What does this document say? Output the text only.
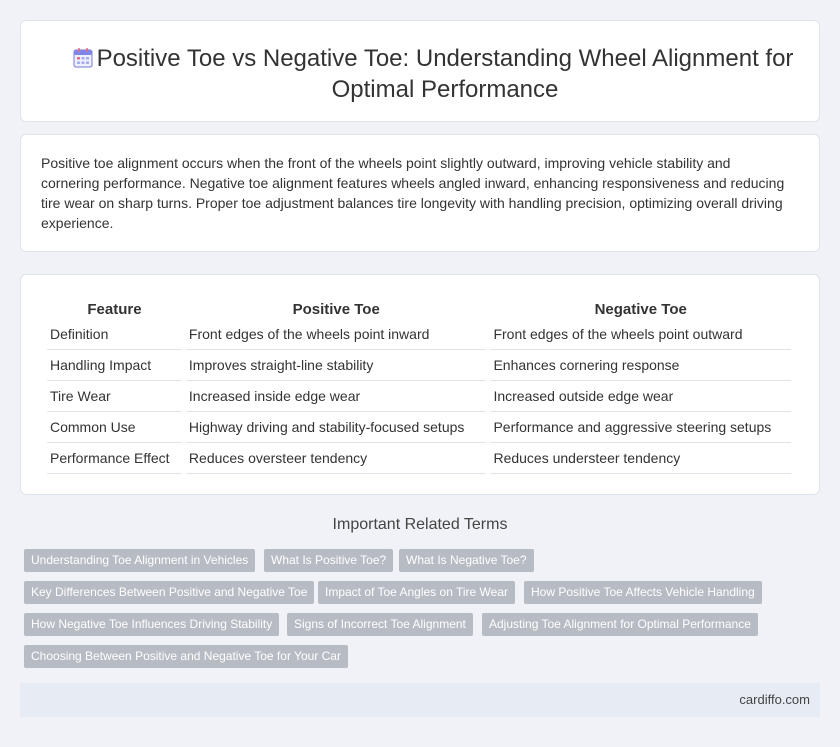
Positive Toe vs Negative Toe: Understanding Wheel Alignment for Optimal Performance

Positive toe alignment occurs when the front of the wheels point slightly outward, improving vehicle stability and cornering performance. Negative toe alignment features wheels angled inward, enhancing responsiveness and reducing tire wear on sharp turns. Proper toe adjustment balances tire longevity with handling precision, optimizing overall driving experience.

Feature	Positive Toe	Negative Toe
Definition	Front edges of the wheels point inward	Front edges of the wheels point outward
Handling Impact	Improves straight-line stability	Enhances cornering response
Tire Wear	Increased inside edge wear	Increased outside edge wear
Common Use	Highway driving and stability-focused setups	Performance and aggressive steering setups
Performance Effect	Reduces oversteer tendency	Reduces understeer tendency
Important Related Terms
Understanding Toe Alignment in Vehicles	What Is Positive Toe?	What Is Negative Toe?
Key Differences Between Positive and Negative Toe	Impact of Toe Angles on Tire Wear	How Positive Toe Affects Vehicle Handling
How Negative Toe Influences Driving Stability	Signs of Incorrect Toe Alignment	Adjusting Toe Alignment for Optimal Performance
Choosing Between Positive and Negative Toe for Your Car
cardiffo.com
